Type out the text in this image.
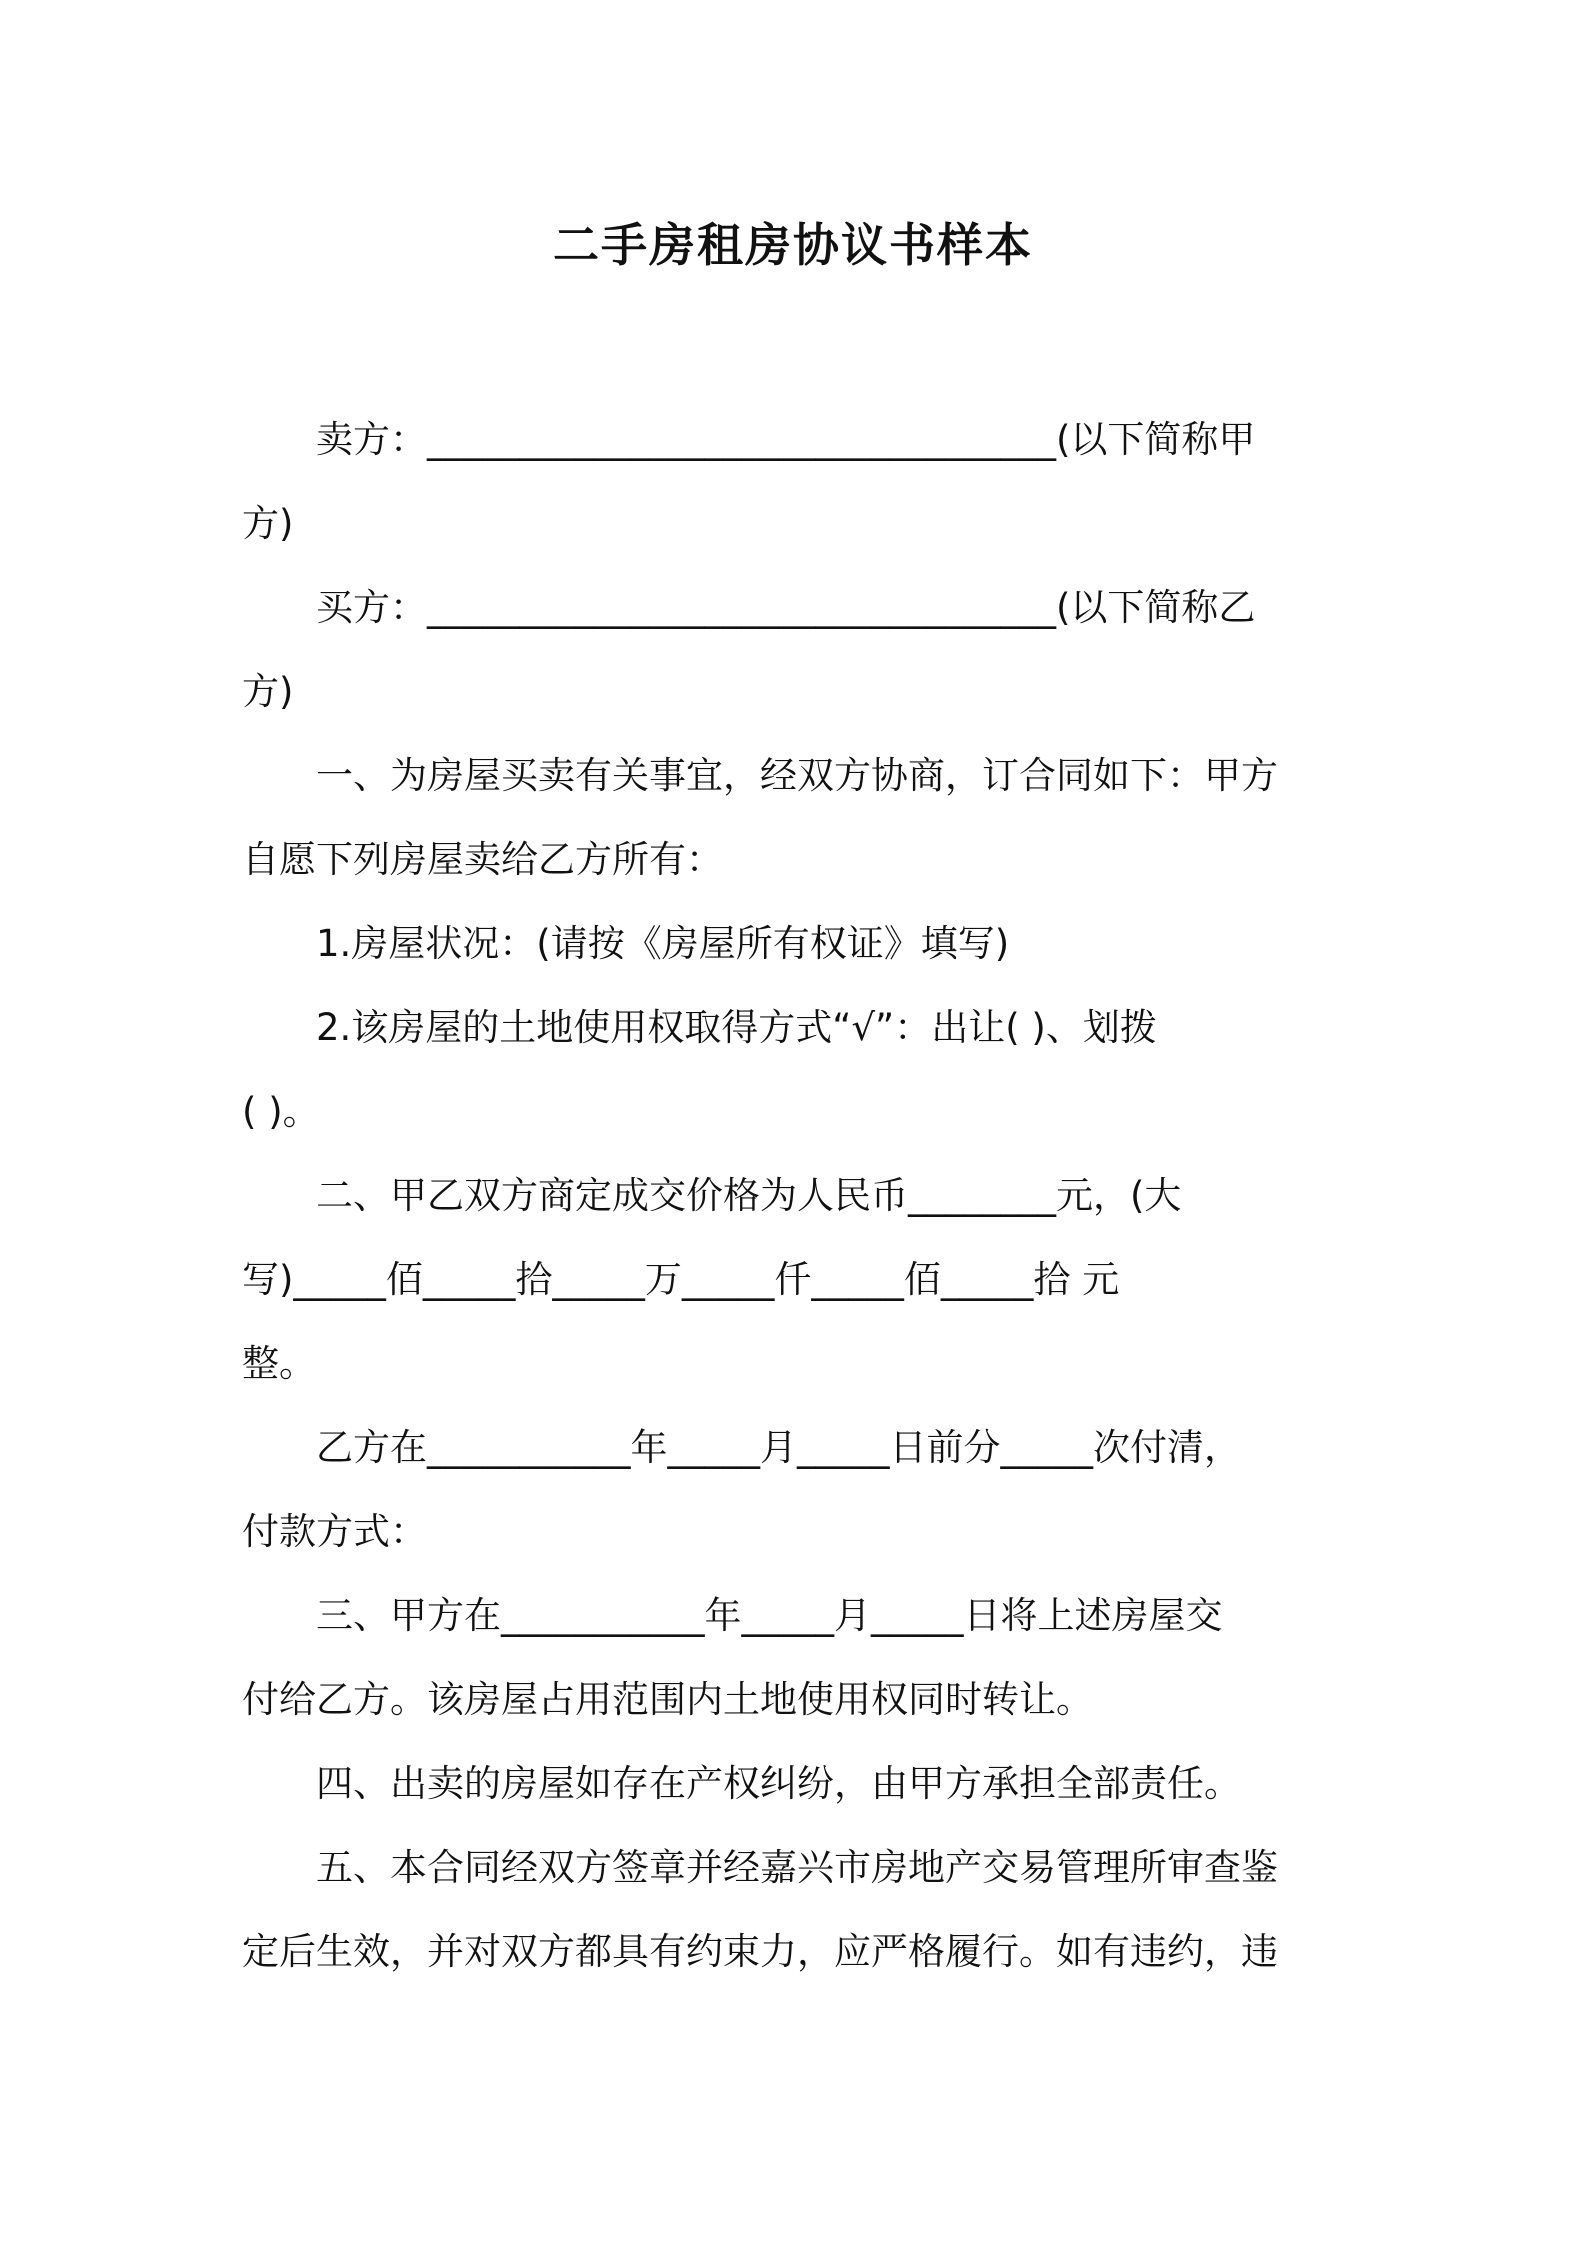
二手房租房协议书样本
卖方：__________________________________(以下简称甲
方)
买方：__________________________________(以下简称乙
方)
一、为房屋买卖有关事宜，经双方协商，订合同如下：甲方
自愿下列房屋卖给乙方所有：
1.房屋状况：(请按《房屋所有权证》填写)
2.该房屋的土地使用权取得方式“√”：出让( )、划拨
( )。
二、甲乙双方商定成交价格为人民币________元，(大
写)_____佰_____拾_____万_____仟_____佰_____拾 元
整。
乙方在___________年_____月_____日前分_____次付清，
付款方式：
三、甲方在___________年_____月_____日将上述房屋交
付给乙方。该房屋占用范围内土地使用权同时转让。
四、出卖的房屋如存在产权纠纷，由甲方承担全部责任。
五、本合同经双方签章并经嘉兴市房地产交易管理所审查鉴
定后生效，并对双方都具有约束力，应严格履行。如有违约，违
